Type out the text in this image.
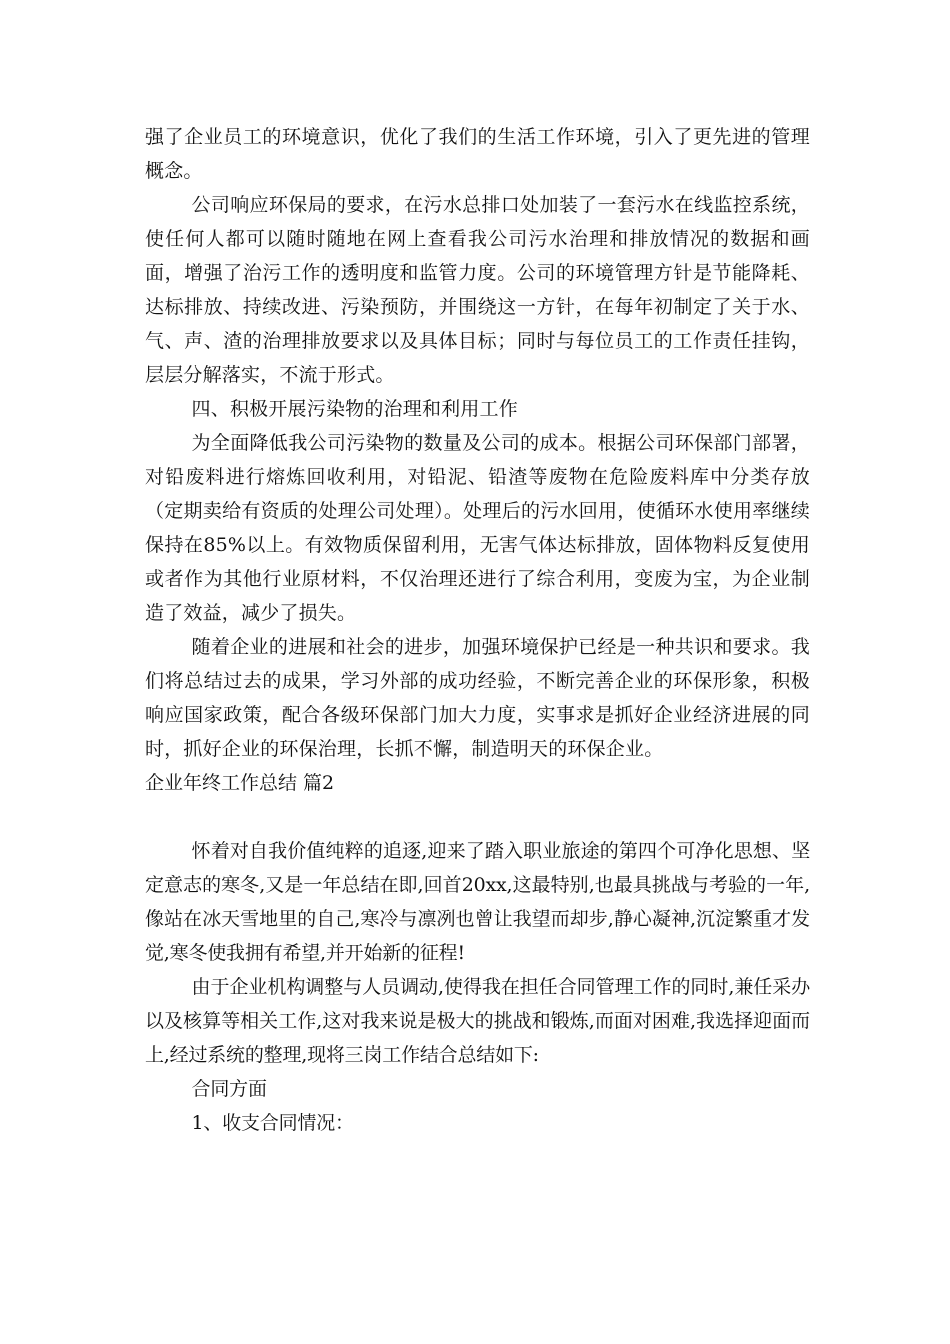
强了企业员工的环境意识，优化了我们的生活工作环境，引入了更先进的管理概念。

公司响应环保局的要求，在污水总排口处加装了一套污水在线监控系统，使任何人都可以随时随地在网上查看我公司污水治理和排放情况的数据和画面，增强了治污工作的透明度和监管力度。公司的环境管理方针是节能降耗、达标排放、持续改进、污染预防，并围绕这一方针，在每年初制定了关于水、气、声、渣的治理排放要求以及具体目标；同时与每位员工的工作责任挂钩，层层分解落实，不流于形式。

四、积极开展污染物的治理和利用工作

为全面降低我公司污染物的数量及公司的成本。根据公司环保部门部署，对铅废料进行熔炼回收利用，对铅泥、铅渣等废物在危险废料库中分类存放（定期卖给有资质的处理公司处理）。处理后的污水回用，使循环水使用率继续保持在85%以上。有效物质保留利用，无害气体达标排放，固体物料反复使用或者作为其他行业原材料，不仅治理还进行了综合利用，变废为宝，为企业制造了效益，减少了损失。

随着企业的进展和社会的进步，加强环境保护已经是一种共识和要求。我们将总结过去的成果，学习外部的成功经验，不断完善企业的环保形象，积极响应国家政策，配合各级环保部门加大力度，实事求是抓好企业经济进展的同时，抓好企业的环保治理，长抓不懈，制造明天的环保企业。

企业年终工作总结 篇2

怀着对自我价值纯粹的追逐,迎来了踏入职业旅途的第四个可净化思想、坚定意志的寒冬,又是一年总结在即,回首20xx,这最特别,也最具挑战与考验的一年,像站在冰天雪地里的自己,寒冷与凛冽也曾让我望而却步,静心凝神,沉淀繁重才发觉,寒冬使我拥有希望,并开始新的征程!

由于企业机构调整与人员调动,使得我在担任合同管理工作的同时,兼任采办以及核算等相关工作,这对我来说是极大的挑战和锻炼,而面对困难,我选择迎面而上,经过系统的整理,现将三岗工作结合总结如下:

合同方面

1、收支合同情况：
